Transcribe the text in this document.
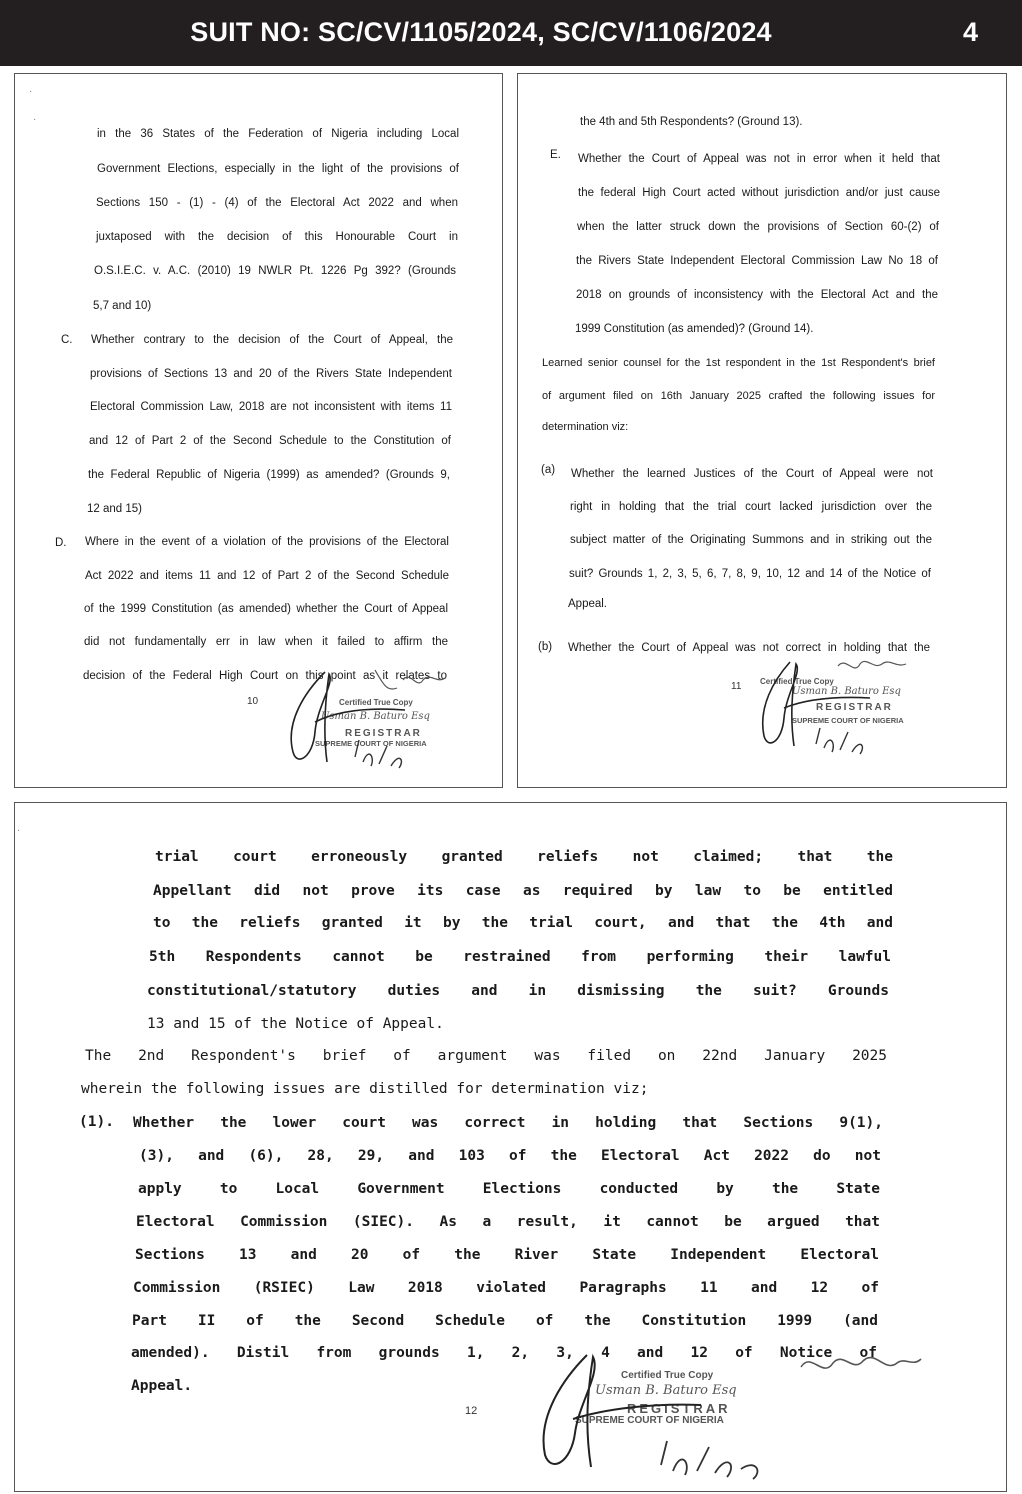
SUIT NO: SC/CV/1105/2024, SC/CV/1106/2024	4
·
·
in the 36 States of the Federation of Nigeria including Local
Government Elections, especially in the light of the provisions of
Sections 150 - (1) - (4) of the Electoral Act 2022 and when
juxtaposed with the decision of this Honourable Court in
O.S.I.E.C. v. A.C. (2010) 19 NWLR Pt. 1226 Pg 392? (Grounds
5,7 and 10)
C. Whether contrary to the decision of the Court of Appeal, the
provisions of Sections 13 and 20 of the Rivers State Independent
Electoral Commission Law, 2018 are not inconsistent with items 11
and 12 of Part 2 of the Second Schedule to the Constitution of
the Federal Republic of Nigeria (1999) as amended? (Grounds 9,
12 and 15)
D. Where in the event of a violation of the provisions of the Electoral
Act 2022 and items 11 and 12 of Part 2 of the Second Schedule
of the 1999 Constitution (as amended) whether the Court of Appeal
did not fundamentally err in law when it failed to affirm the
decision of the Federal High Court on this point as it relates to
10	Certified True Copy
Usman B. Baturo Esq
REGISTRAR
SUPREME COURT OF NIGERIA
the 4th and 5th Respondents? (Ground 13).
E. Whether the Court of Appeal was not in error when it held that
the federal High Court acted without jurisdiction and/or just cause
when the latter struck down the provisions of Section 60-(2) of
the Rivers State Independent Electoral Commission Law No 18 of
2018 on grounds of inconsistency with the Electoral Act and the
1999 Constitution (as amended)? (Ground 14).
Learned senior counsel for the 1st respondent in the 1st Respondent's brief
of argument filed on 16th January 2025 crafted the following issues for
determination viz:
(a) Whether the learned Justices of the Court of Appeal were not
right in holding that the trial court lacked jurisdiction over the
subject matter of the Originating Summons and in striking out the
suit? Grounds 1, 2, 3, 5, 6, 7, 8, 9, 10, 12 and 14 of the Notice of
Appeal.
(b) Whether the Court of Appeal was not correct in holding that the
11 Certified True Copy
Usman B. Baturo Esq
REGISTRAR
SUPREME COURT OF NIGERIA
·
trial court erroneously granted reliefs not claimed; that the
Appellant did not prove its case as required by law to be entitled
to the reliefs granted it by the trial court, and that the 4th and
5th Respondents cannot be restrained from performing their lawful
constitutional/statutory duties and in dismissing the suit? Grounds
13 and 15 of the Notice of Appeal.
The 2nd Respondent's brief of argument was filed on 22nd January 2025
wherein the following issues are distilled for determination viz;
(1). Whether the lower court was correct in holding that Sections 9(1),
(3), and (6), 28, 29, and 103 of the Electoral Act 2022 do not
apply to Local Government Elections conducted by the State
Electoral Commission (SIEC). As a result, it cannot be argued that
Sections 13 and 20 of the River State Independent Electoral
Commission (RSIEC) Law 2018 violated Paragraphs 11 and 12 of
Part II of the Second Schedule of the Constitution 1999 (and
amended). Distil from grounds 1, 2, 3, 4 and 12 of Notice of
Appeal.
12
Certified True Copy
Usman B. Baturo Esq
REGISTRAR
SUPREME COURT OF NIGERIA
